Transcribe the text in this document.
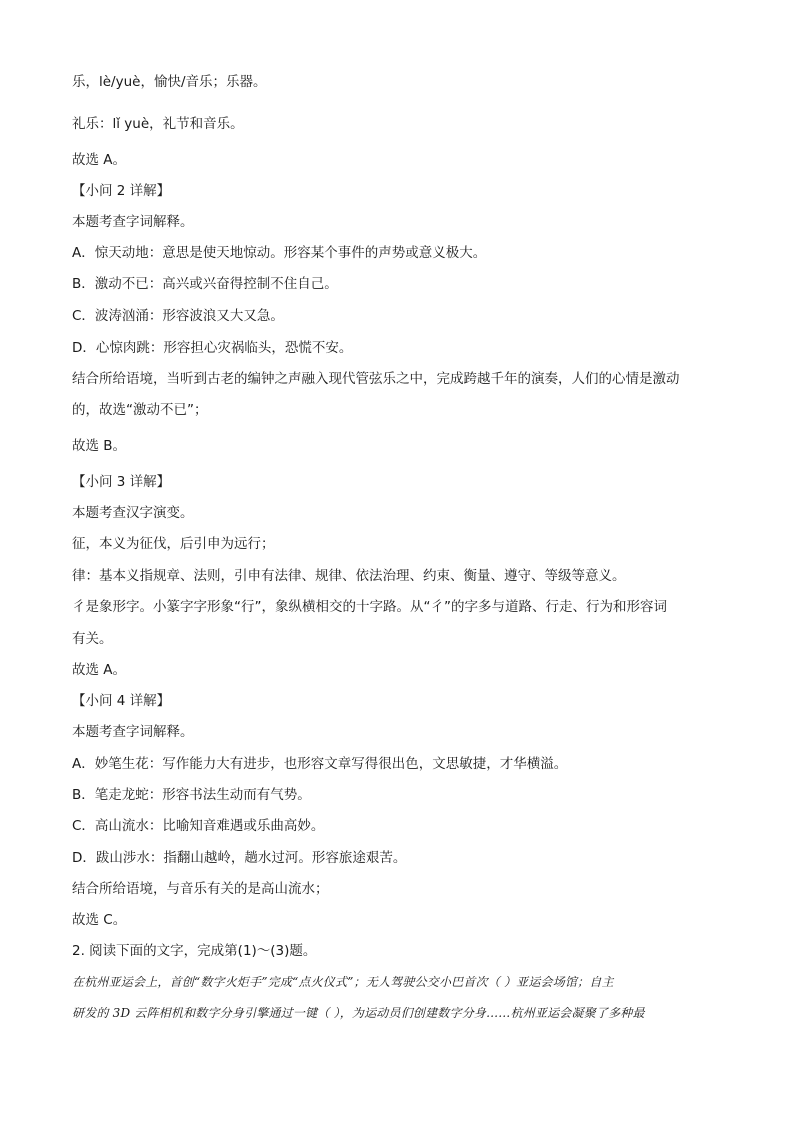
乐，lè/yuè，愉快/音乐；乐器。
礼乐：lǐ yuè，礼节和音乐。
故选 A。
【小问 2 详解】
本题考查字词解释。
A．惊天动地：意思是使天地惊动。形容某个事件的声势或意义极大。
B．激动不已：高兴或兴奋得控制不住自己。
C．波涛汹涌：形容波浪又大又急。
D．心惊肉跳：形容担心灾祸临头，恐慌不安。
结合所给语境，当听到古老的编钟之声融入现代管弦乐之中，完成跨越千年的演奏，人们的心情是激动
的，故选“激动不已”；
故选 B。
【小问 3 详解】
本题考查汉字演变。
征，本义为征伐，后引申为远行；
律：基本义指规章、法则，引申有法律、规律、依法治理、约束、衡量、遵守、等级等意义。
彳是象形字。小篆字字形象“行”，象纵横相交的十字路。从“彳”的字多与道路、行走、行为和形容词
有关。
故选 A。
【小问 4 详解】
本题考查字词解释。
A．妙笔生花：写作能力大有进步，也形容文章写得很出色，文思敏捷，才华横溢。
B．笔走龙蛇：形容书法生动而有气势。
C．高山流水：比喻知音难遇或乐曲高妙。
D．跋山涉水：指翻山越岭，趟水过河。形容旅途艰苦。
结合所给语境，与音乐有关的是高山流水；
故选 C。
2. 阅读下面的文字，完成第(1)～(3)题。
在杭州亚运会上，首创“数字火炬手”完成“点火仪式”；无人驾驶公交小巴首次（ ）亚运会场馆；自主
研发的 3D 云阵相机和数字分身引擎通过一键（ ），为运动员们创建数字分身……杭州亚运会凝聚了多种最
